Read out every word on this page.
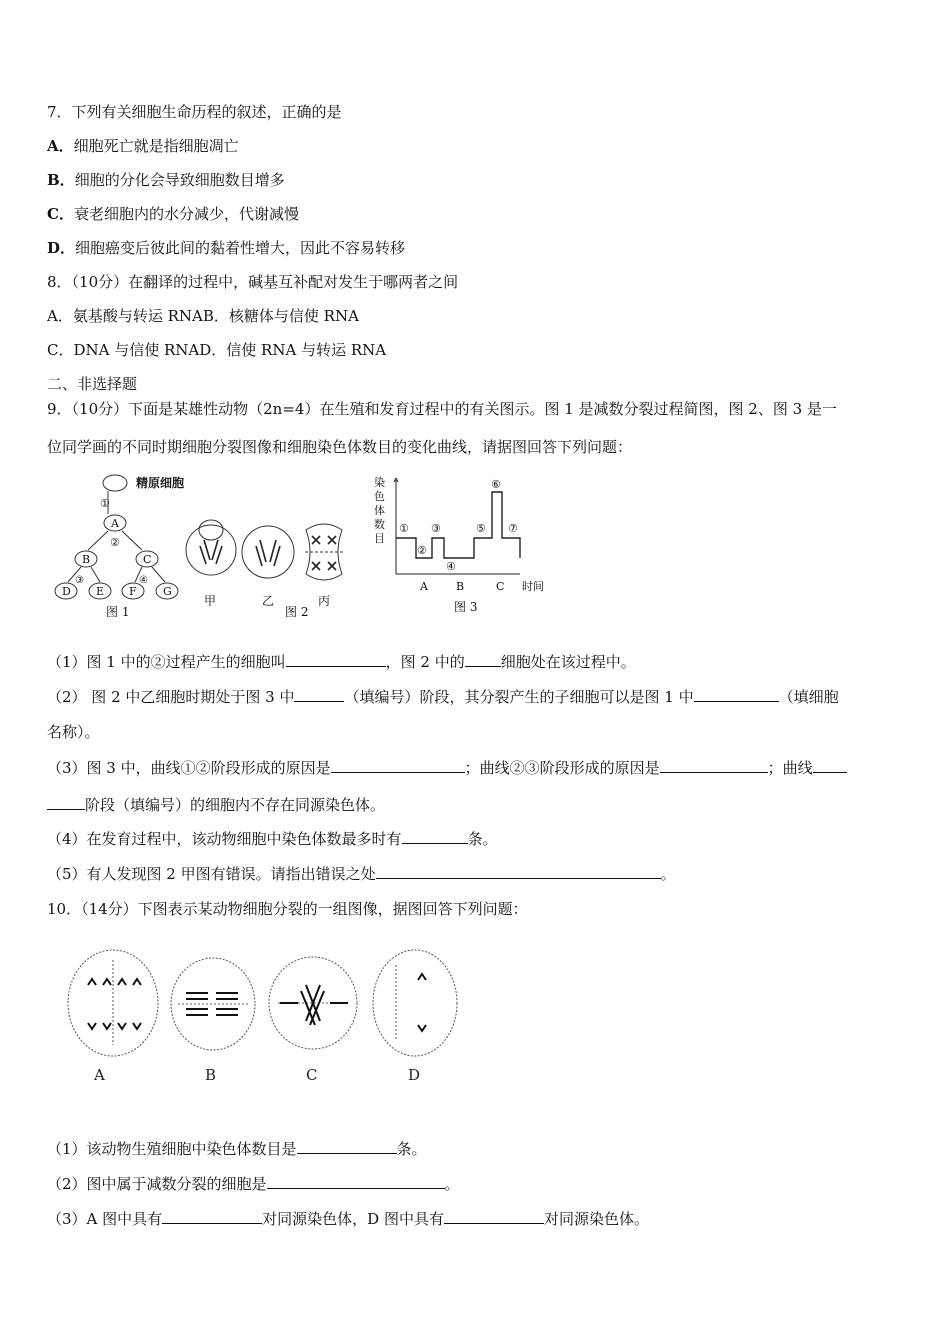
7．下列有关细胞生命历程的叙述，正确的是
A．细胞死亡就是指细胞凋亡
B．细胞的分化会导致细胞数目增多
C．衰老细胞内的水分减少，代谢减慢
D．细胞癌变后彼此间的黏着性增大，因此不容易转移
8．（10分）在翻译的过程中，碱基互补配对发生于哪两者之间
A．氨基酸与转运 RNAB．核糖体与信使 RNA
C．DNA 与信使 RNAD．信使 RNA 与转运 RNA
二、非选择题
9．（10分）下面是某雄性动物（2n=4）在生殖和发育过程中的有关图示。图 1 是减数分裂过程简图，图 2、图 3 是一
位同学画的不同时期细胞分裂图像和细胞染色体数目的变化曲线，请据图回答下列问题：
精原细胞
①
A
②
B	C
③	④
D E F G
图 1
甲	乙	丙
图 2
染
色
体
数
目
①
②
③
④
⑤
⑥
⑦
A	B	C 时间
图 3
（1）图 1 中的②过程产生的细胞叫	，图 2 中的 细胞处在该过程中。
（2） 图 2 中乙细胞时期处于图 3 中	（填编号）阶段，其分裂产生的子细胞可以是图 1 中	（填细胞
名称）。
（3）图 3 中，曲线①②阶段形成的原因是	；曲线②③阶段形成的原因是	；曲线
阶段（填编号）的细胞内不存在同源染色体。
（4）在发育过程中，该动物细胞中染色体数最多时有	条。
（5）有人发现图 2 甲图有错误。请指出错误之处	。
10．（14分）下图表示某动物细胞分裂的一组图像，据图回答下列问题：
A	B	C	D
（1）该动物生殖细胞中染色体数目是	条。
（2）图中属于减数分裂的细胞是	。
（3）A 图中具有	对同源染色体，D 图中具有	对同源染色体。
